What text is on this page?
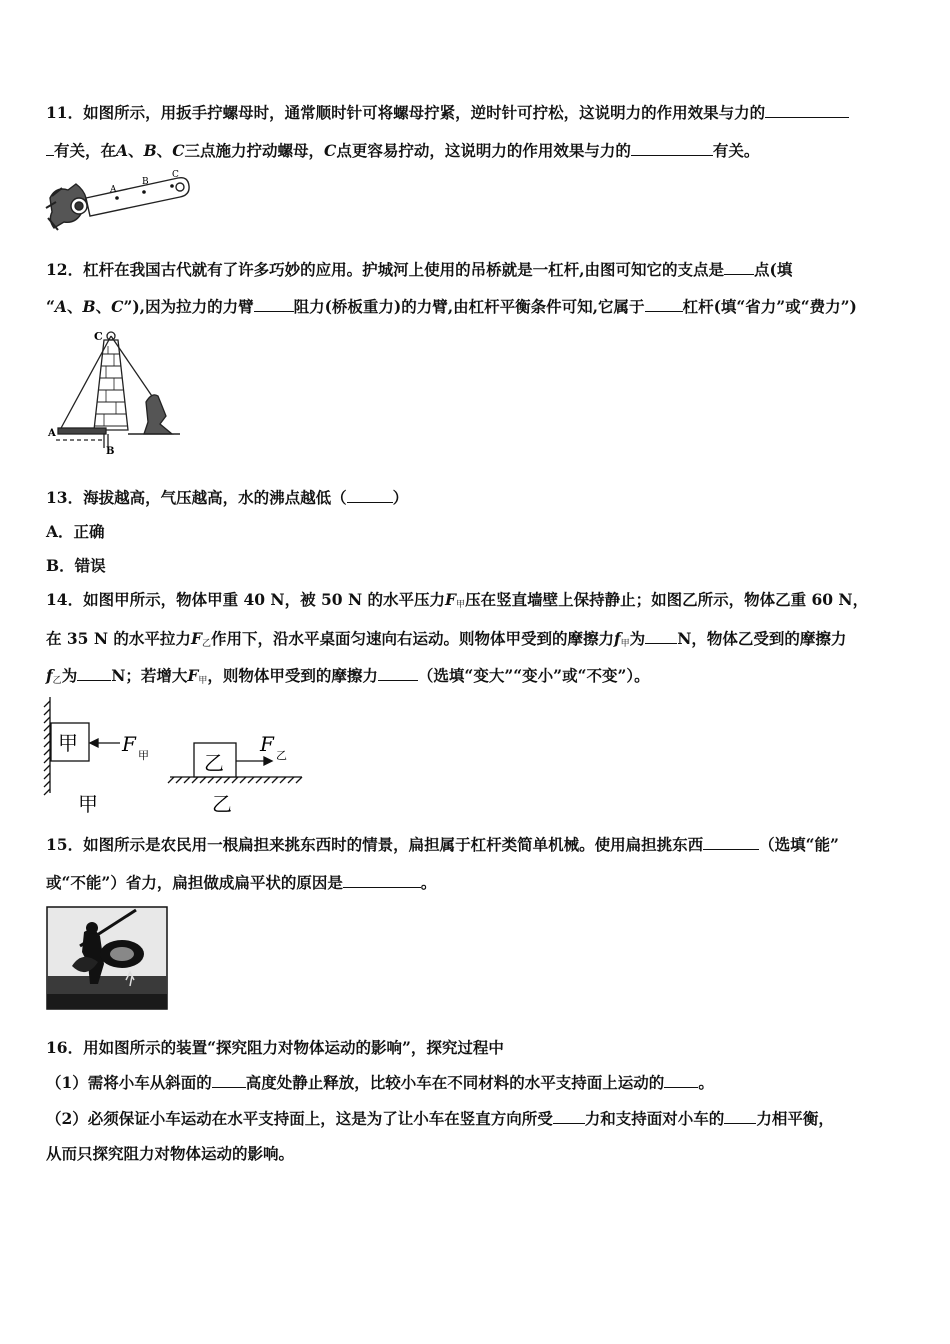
11．如图所示，用扳手拧螺母时，通常顺时针可将螺母拧紧，逆时针可拧松，这说明力的作用效果与力的
有关，在A、B、C三点施力拧动螺母，C点更容易拧动，这说明力的作用效果与力的	有关。
A
B
C
12．杠杆在我国古代就有了许多巧妙的应用。护城河上使用的吊桥就是一杠杆,由图可知它的支点是 点(填
“A、B、C”),因为拉力的力臂	阻力(桥板重力)的力臂,由杠杆平衡条件可知,它属于 杠杆(填“省力”或“费力”)
C
A
B
13．海拔越高，气压越高，水的沸点越低（	）
A．正确
B．错误
14．如图甲所示，物体甲重 40 N，被 50 N 的水平压力$F_甲$压在竖直墙壁上保持静止；如图乙所示，物体乙重 60 N，
在 35 N 的水平拉力$F_乙$作用下，沿水平桌面匀速向右运动。则物体甲受到的摩擦力$f_甲$为 N，物体乙受到的摩擦力
$f_乙$为 N；若增大$F_甲$，则物体甲受到的摩擦力	（选填“变大”“变小”或“不变”）。
甲
乙
F 甲	F 乙
甲	乙
15．如图所示是农民用一根扁担来挑东西时的情景，扁担属于杠杆类简单机械。使用扁担挑东西	（选填“能”
或“不能”）省力，扁担做成扁平状的原因是	。
16．用如图所示的装置“探究阻力对物体运动的影响”，探究过程中
（1）需将小车从斜面的 高度处静止释放，比较小车在不同材料的水平支持面上运动的 。
（2）必须保证小车运动在水平支持面上，这是为了让小车在竖直方向所受 力和支持面对小车的 力相平衡，
从而只探究阻力对物体运动的影响。
